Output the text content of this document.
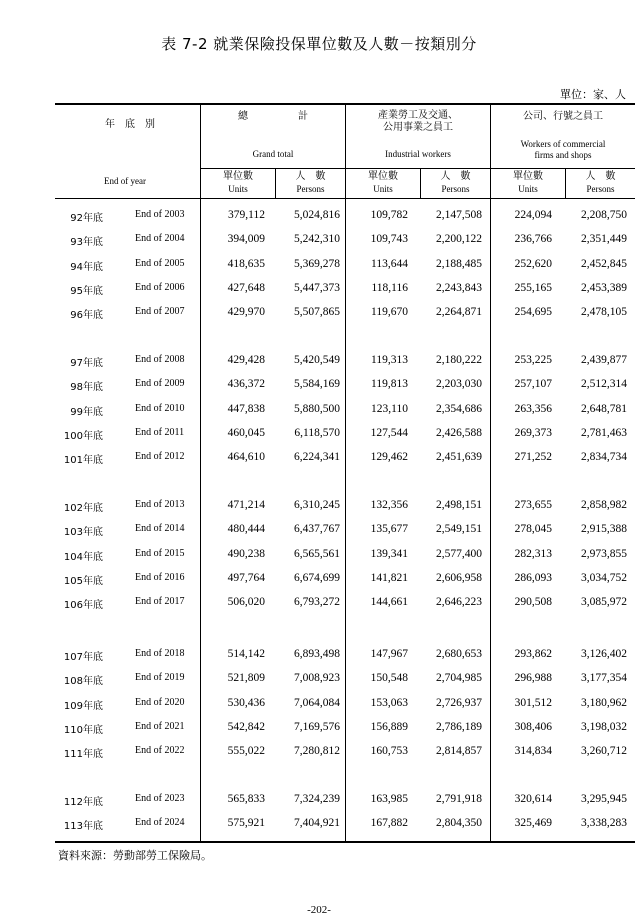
表 7-2 就業保險投保單位數及人數－按類別分
單位：家、人
年　底　別
End of year
總　　　　　計
Grand total
產業勞工及交通、
公用事業之員工
Industrial workers
公司、行號之員工
Workers of commercial
firms and shops
單位數
Units
人　數
Persons
單位數
Units
人　數
Persons
單位數
Units
人　數
Persons
92年底	End of 2003	379,112	5,024,816	109,782	2,147,508	224,094	2,208,750
93年底	End of 2004	394,009	5,242,310	109,743	2,200,122	236,766	2,351,449
94年底	End of 2005	418,635	5,369,278	113,644	2,188,485	252,620	2,452,845
95年底	End of 2006	427,648	5,447,373	118,116	2,243,843	255,165	2,453,389
96年底	End of 2007	429,970	5,507,865	119,670	2,264,871	254,695	2,478,105
97年底	End of 2008	429,428	5,420,549	119,313	2,180,222	253,225	2,439,877
98年底	End of 2009	436,372	5,584,169	119,813	2,203,030	257,107	2,512,314
99年底	End of 2010	447,838	5,880,500	123,110	2,354,686	263,356	2,648,781
100年底	End of 2011	460,045	6,118,570	127,544	2,426,588	269,373	2,781,463
101年底	End of 2012	464,610	6,224,341	129,462	2,451,639	271,252	2,834,734
102年底	End of 2013	471,214	6,310,245	132,356	2,498,151	273,655	2,858,982
103年底	End of 2014	480,444	6,437,767	135,677	2,549,151	278,045	2,915,388
104年底	End of 2015	490,238	6,565,561	139,341	2,577,400	282,313	2,973,855
105年底	End of 2016	497,764	6,674,699	141,821	2,606,958	286,093	3,034,752
106年底	End of 2017	506,020	6,793,272	144,661	2,646,223	290,508	3,085,972
107年底	End of 2018	514,142	6,893,498	147,967	2,680,653	293,862	3,126,402
108年底	End of 2019	521,809	7,008,923	150,548	2,704,985	296,988	3,177,354
109年底	End of 2020	530,436	7,064,084	153,063	2,726,937	301,512	3,180,962
110年底	End of 2021	542,842	7,169,576	156,889	2,786,189	308,406	3,198,032
111年底	End of 2022	555,022	7,280,812	160,753	2,814,857	314,834	3,260,712
112年底	End of 2023	565,833	7,324,239	163,985	2,791,918	320,614	3,295,945
113年底	End of 2024	575,921	7,404,921	167,882	2,804,350	325,469	3,338,283
資料來源：勞動部勞工保險局。
-202-
